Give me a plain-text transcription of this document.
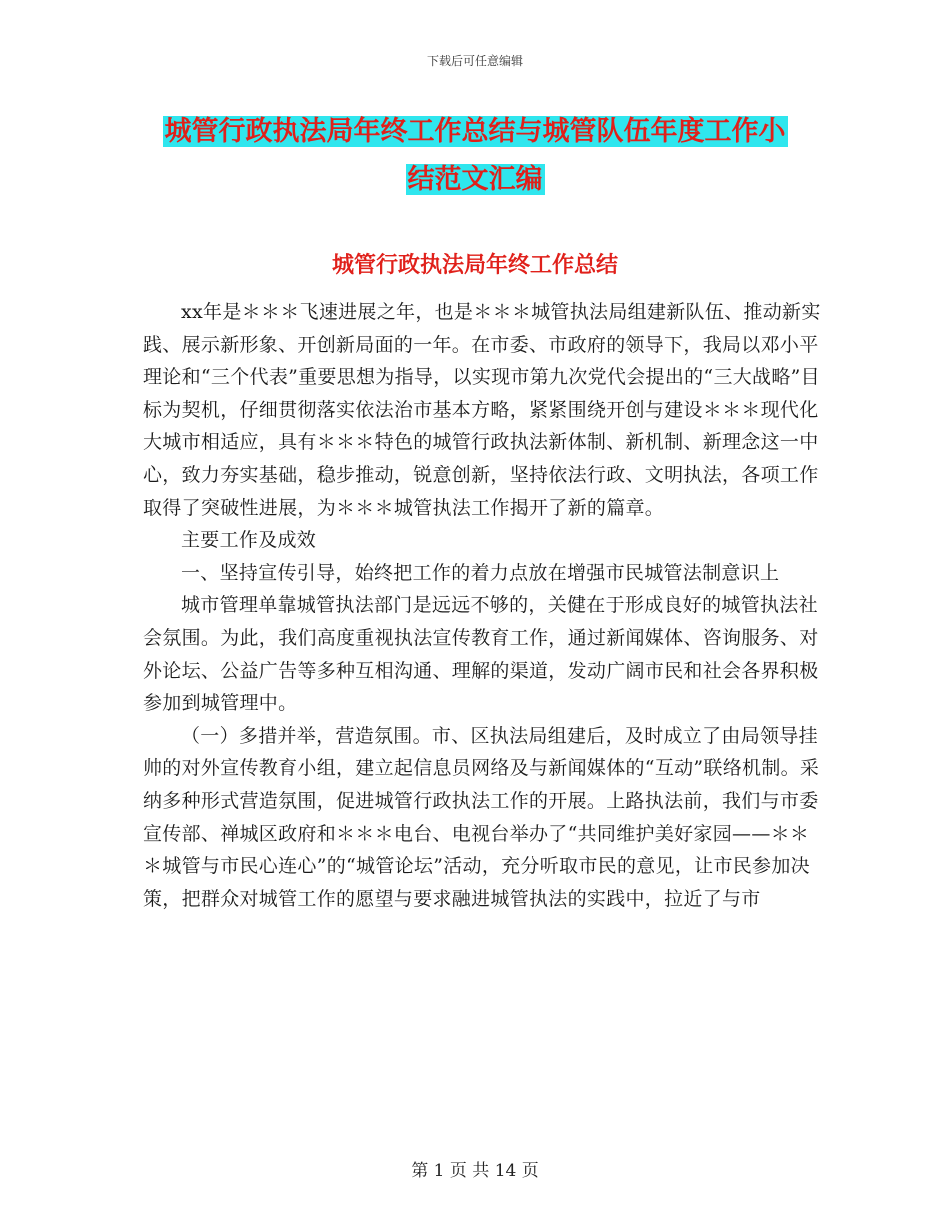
下载后可任意编辑
城管行政执法局年终工作总结与城管队伍年度工作小
结范文汇编
城管行政执法局年终工作总结

xx年是＊＊＊飞速进展之年，也是＊＊＊城管执法局组建新队伍、推动新实践、展示新形象、开创新局面的一年。在市委、市政府的领导下，我局以邓小平理论和“三个代表”重要思想为指导，以实现市第九次党代会提出的“三大战略”目标为契机，仔细贯彻落实依法治市基本方略，紧紧围绕开创与建设＊＊＊现代化大城市相适应，具有＊＊＊特色的城管行政执法新体制、新机制、新理念这一中心，致力夯实基础，稳步推动，锐意创新，坚持依法行政、文明执法，各项工作取得了突破性进展，为＊＊＊城管执法工作揭开了新的篇章。

主要工作及成效

一、坚持宣传引导，始终把工作的着力点放在增强市民城管法制意识上

城市管理单靠城管执法部门是远远不够的，关健在于形成良好的城管执法社会氛围。为此，我们高度重视执法宣传教育工作，通过新闻媒体、咨询服务、对外论坛、公益广告等多种互相沟通、理解的渠道，发动广阔市民和社会各界积极参加到城管理中。

（一）多措并举，营造氛围。市、区执法局组建后，及时成立了由局领导挂帅的对外宣传教育小组，建立起信息员网络及与新闻媒体的“互动”联络机制。采纳多种形式营造氛围，促进城管行政执法工作的开展。上路执法前，我们与市委宣传部、禅城区政府和＊＊＊电台、电视台举办了“共同维护美好家园——＊＊＊城管与市民心连心”的“城管论坛”活动，充分听取市民的意见，让市民参加决策，把群众对城管工作的愿望与要求融进城管执法的实践中，拉近了与市

第 1 页 共 14 页
